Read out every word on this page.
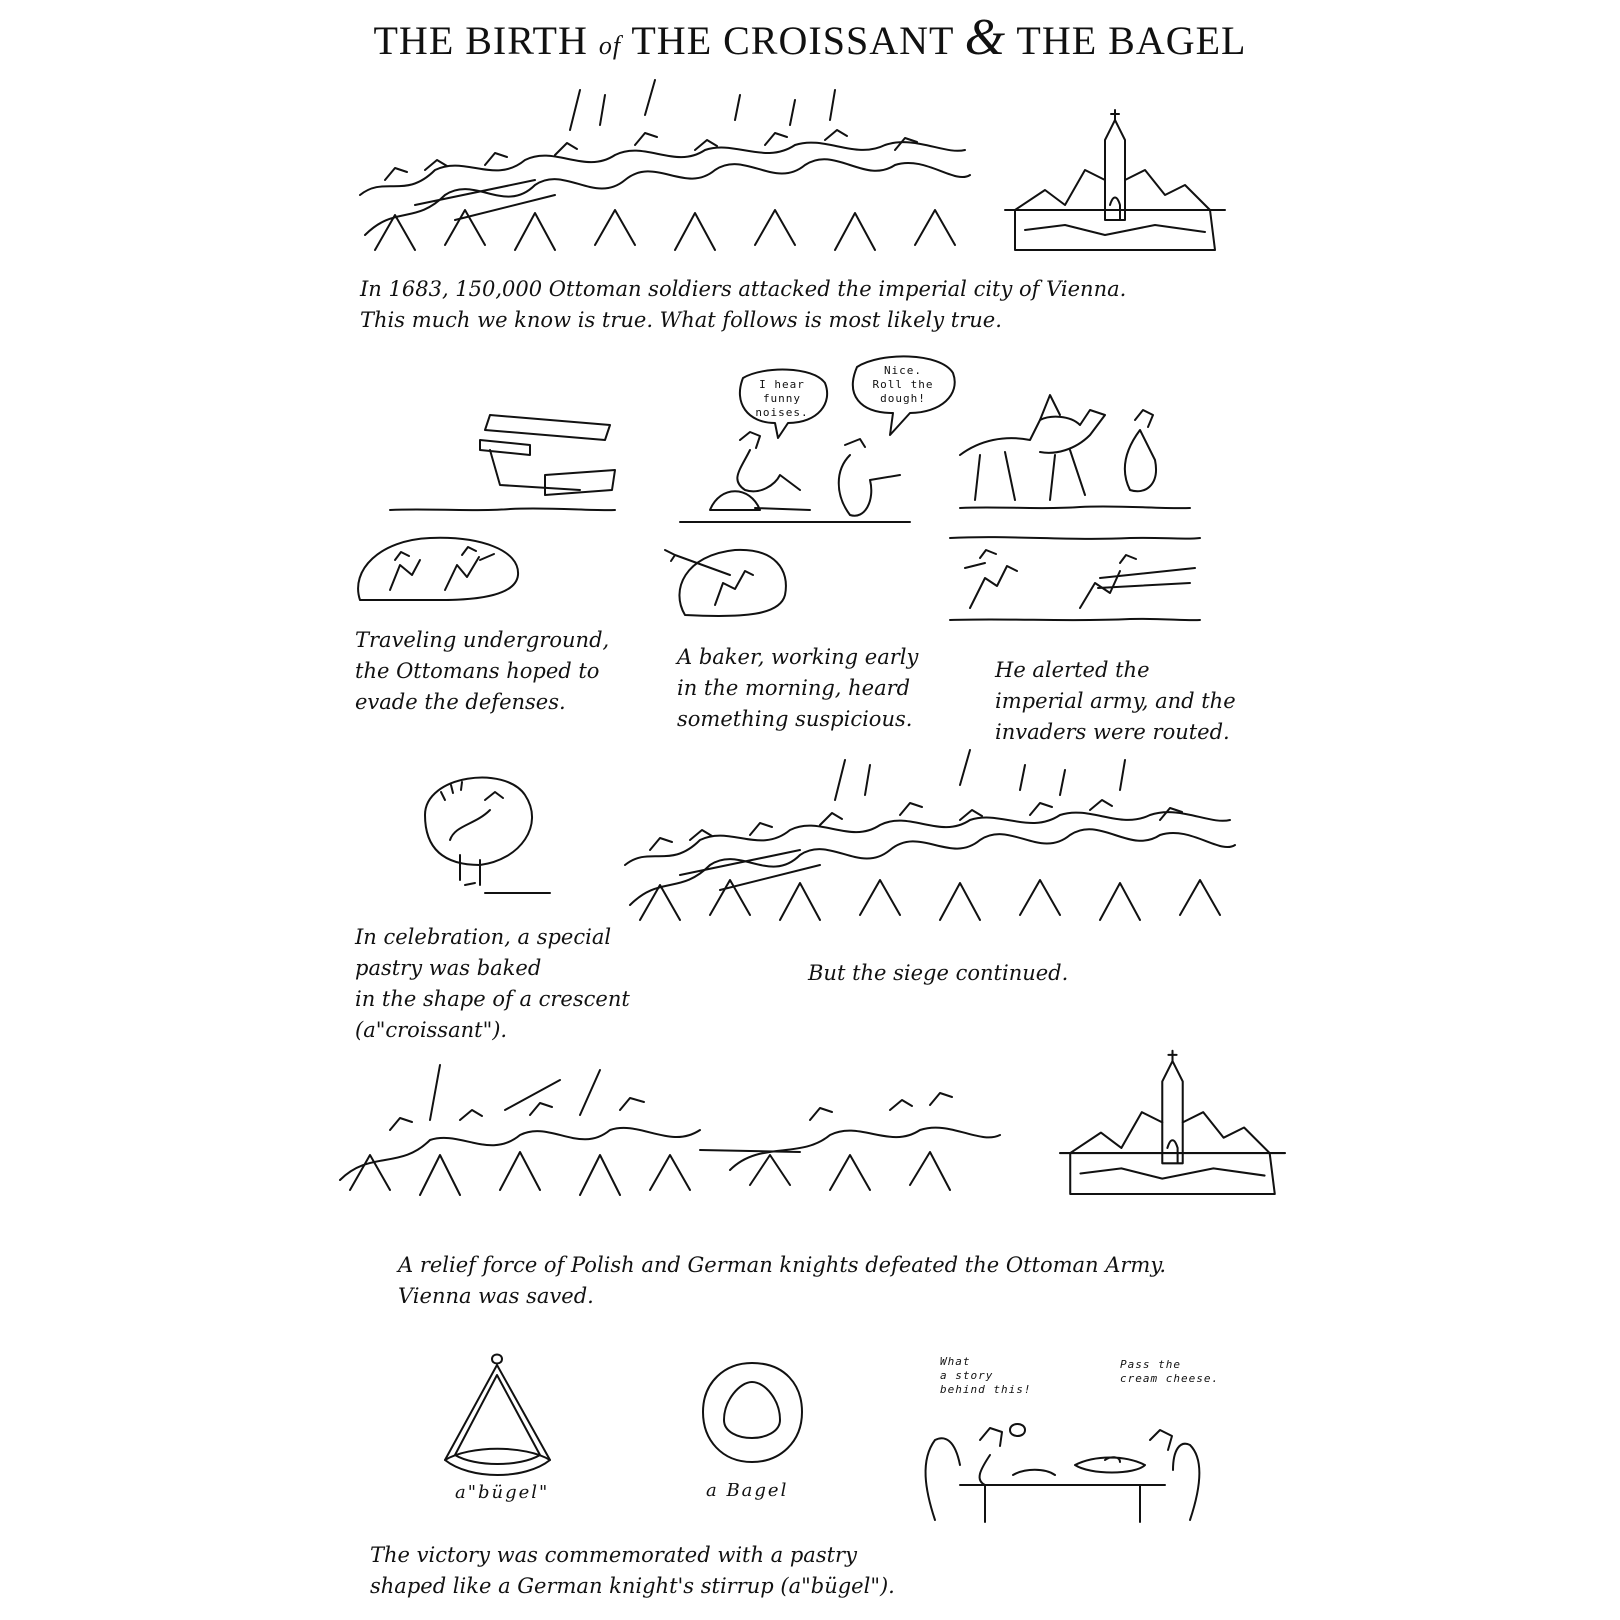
THE BIRTH of THE CROISSANT & THE BAGEL
In 1683, 150,000 Ottoman soldiers attacked the imperial city of Vienna.
This much we know is true. What follows is most likely true.
I hear
funny
noises.
Nice.
Roll the
dough!
Traveling underground,
the Ottomans hoped to
evade the defenses.
A baker, working early
in the morning, heard
something suspicious.
He alerted the
imperial army, and the
invaders were routed.
In celebration, a special
pastry was baked
in the shape of a crescent
(a"croissant").
But the siege continued.
A relief force of Polish and German knights defeated the Ottoman Army.
Vienna was saved.
a"bügel"	a Bagel
What
a story
behind this!
Pass the
cream cheese.
The victory was commemorated with a pastry
shaped like a German knight's stirrup (a"bügel").
